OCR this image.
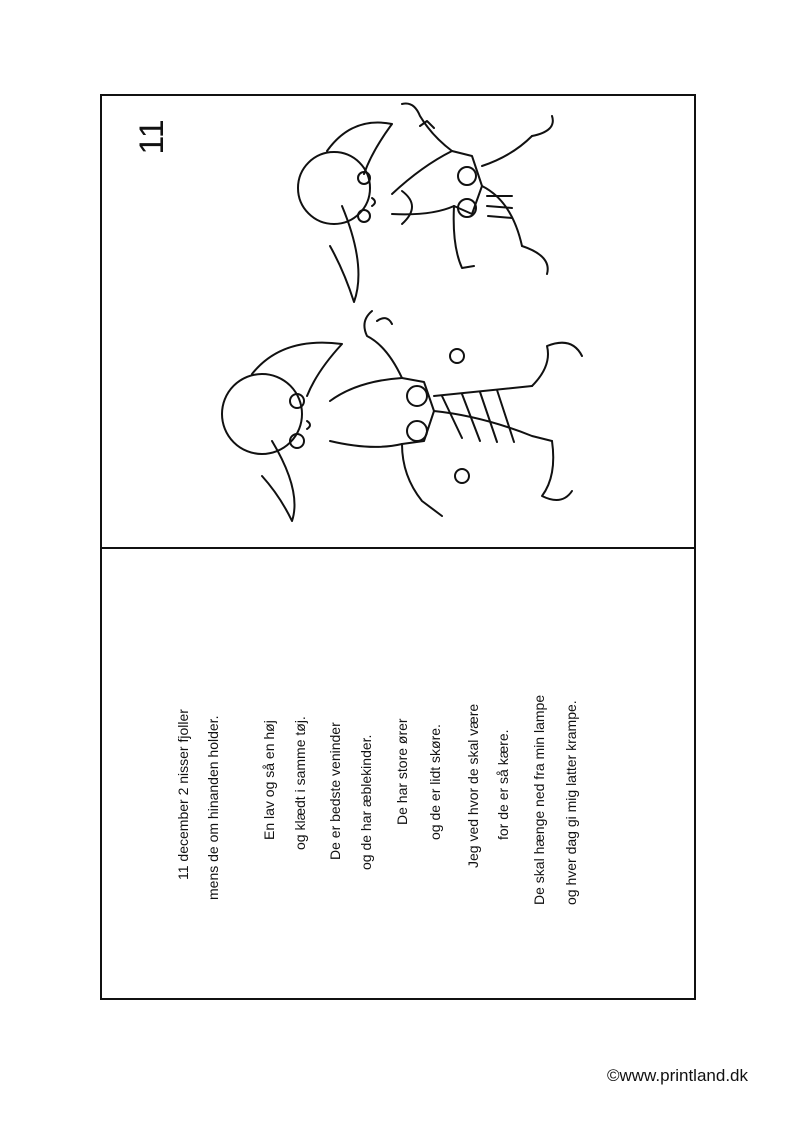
11
11 december 2 nisser fjoller mens de om hinanden holder.	En lav og så en høj og klædt i samme tøj. De er bedste veninder og de har æblekinder. De har store ører og de er lidt skøre. Jeg ved hvor de skal være for de er så kære. De skal hænge ned fra min lampe og hver dag gi mig latter krampe.
©www.printland.dk
